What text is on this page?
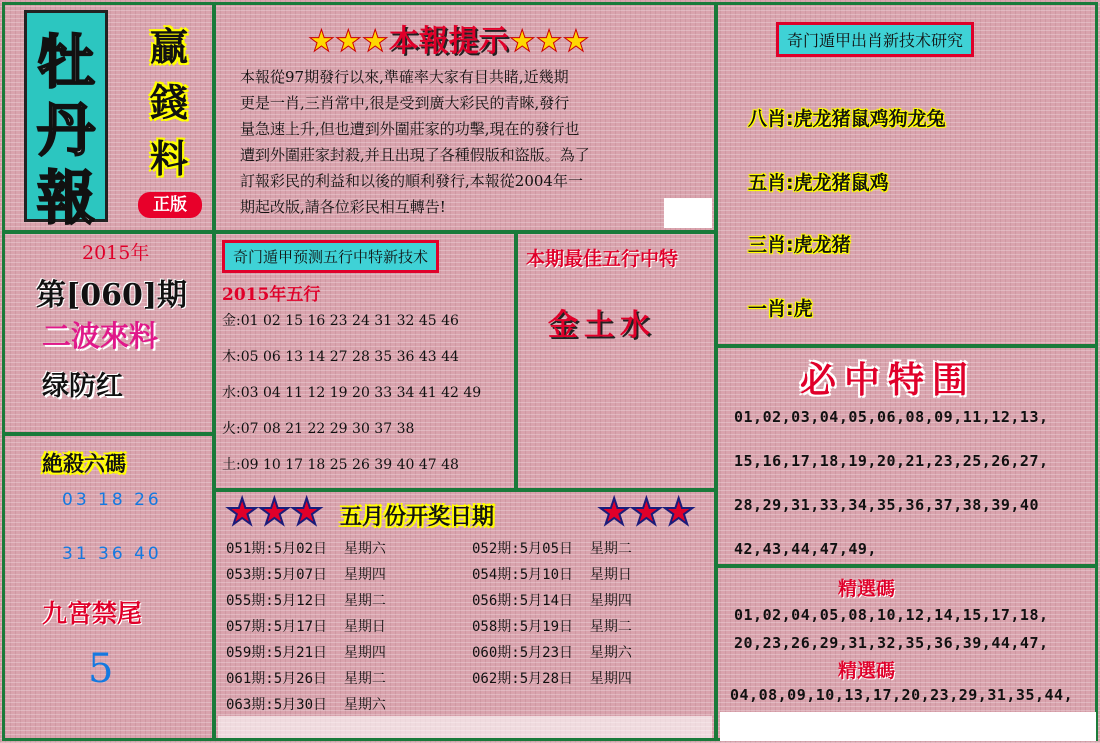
牡
丹
報
贏
錢
料
正版
★★★本報提示★★★
本報從97期發行以來,準確率大家有目共睹,近幾期
更是一肖,三肖常中,很是受到廣大彩民的青睞,發行
量急速上升,但也遭到外圍莊家的功擊,現在的發行也
遭到外圍莊家封殺,并且出現了各種假版和盜版。為了
訂報彩民的利益和以後的順利發行,本報從2004年一
期起改版,請各位彩民相互轉告!
奇门遁甲出肖新技术研究
八肖:虎龙猪鼠鸡狗龙兔
五肖:虎龙猪鼠鸡
三肖:虎龙猪
一肖:虎
2015年
第[060]期
二波來料
绿防红
絶殺六碼
03 18 26
31 36 40
九宮禁尾
5
奇门遁甲预测五行中特新技术
2015年五行
金:01 02 15 16 23 24 31 32 45 46
木:05 06 13 14 27 28 35 36 43 44
水:03 04 11 12 19 20 33 34 41 42 49
火:07 08 21 22 29 30 37 38
土:09 10 17 18 25 26 39 40 47 48
本期最佳五行中特
金土水
★★★ 五月份开奖日期	★★★
051期:5月02日  星期六
053期:5月07日  星期四
055期:5月12日  星期二
057期:5月17日  星期日
059期:5月21日  星期四
061期:5月26日  星期二
063期:5月30日  星期六
052期:5月05日  星期二
054期:5月10日  星期日
056期:5月14日  星期四
058期:5月19日  星期二
060期:5月23日  星期六
062期:5月28日  星期四
必中特围
01,02,03,04,05,06,08,09,11,12,13,
15,16,17,18,19,20,21,23,25,26,27,
28,29,31,33,34,35,36,37,38,39,40
42,43,44,47,49,
精選碼
01,02,04,05,08,10,12,14,15,17,18,
20,23,26,29,31,32,35,36,39,44,47,
精選碼
04,08,09,10,13,17,20,23,29,31,35,44,
